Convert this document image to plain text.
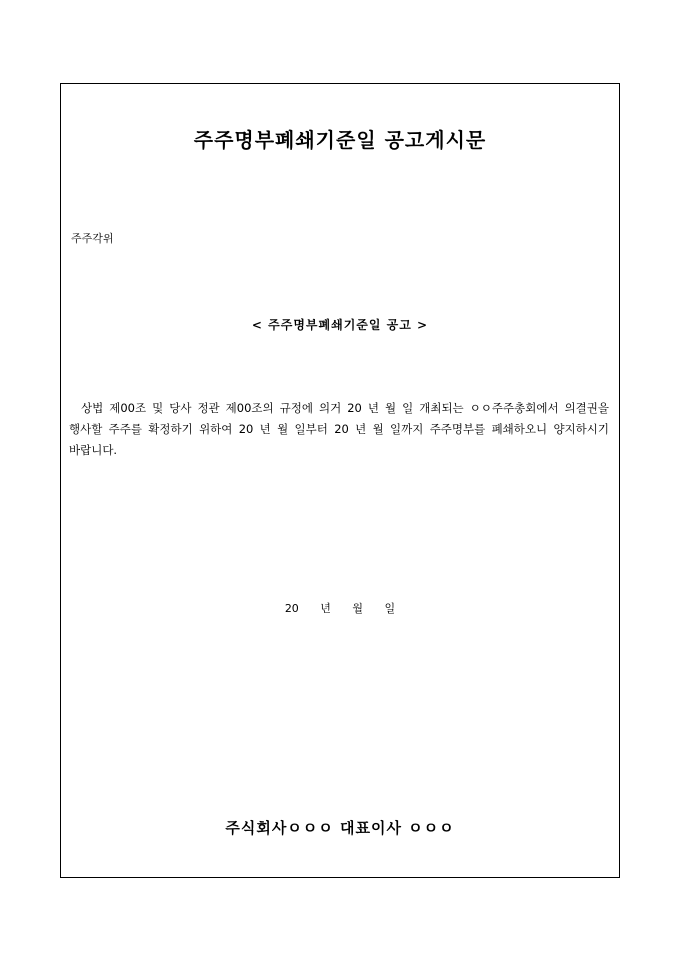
주주명부폐쇄기준일 공고게시문
주주각위
< 주주명부폐쇄기준일 공고 >
상법 제00조 및 당사 정관 제00조의 규정에 의거 20 년 월 일 개최되는 ㅇㅇ주주총회에서 의결권을 행사할 주주를 확정하기 위하여 20 년 월 일부터 20 년 월 일까지 주주명부를 폐쇄하오니 양지하시기 바랍니다.
20 년 월 일
주식회사ㅇㅇㅇ 대표이사 ㅇㅇㅇ
